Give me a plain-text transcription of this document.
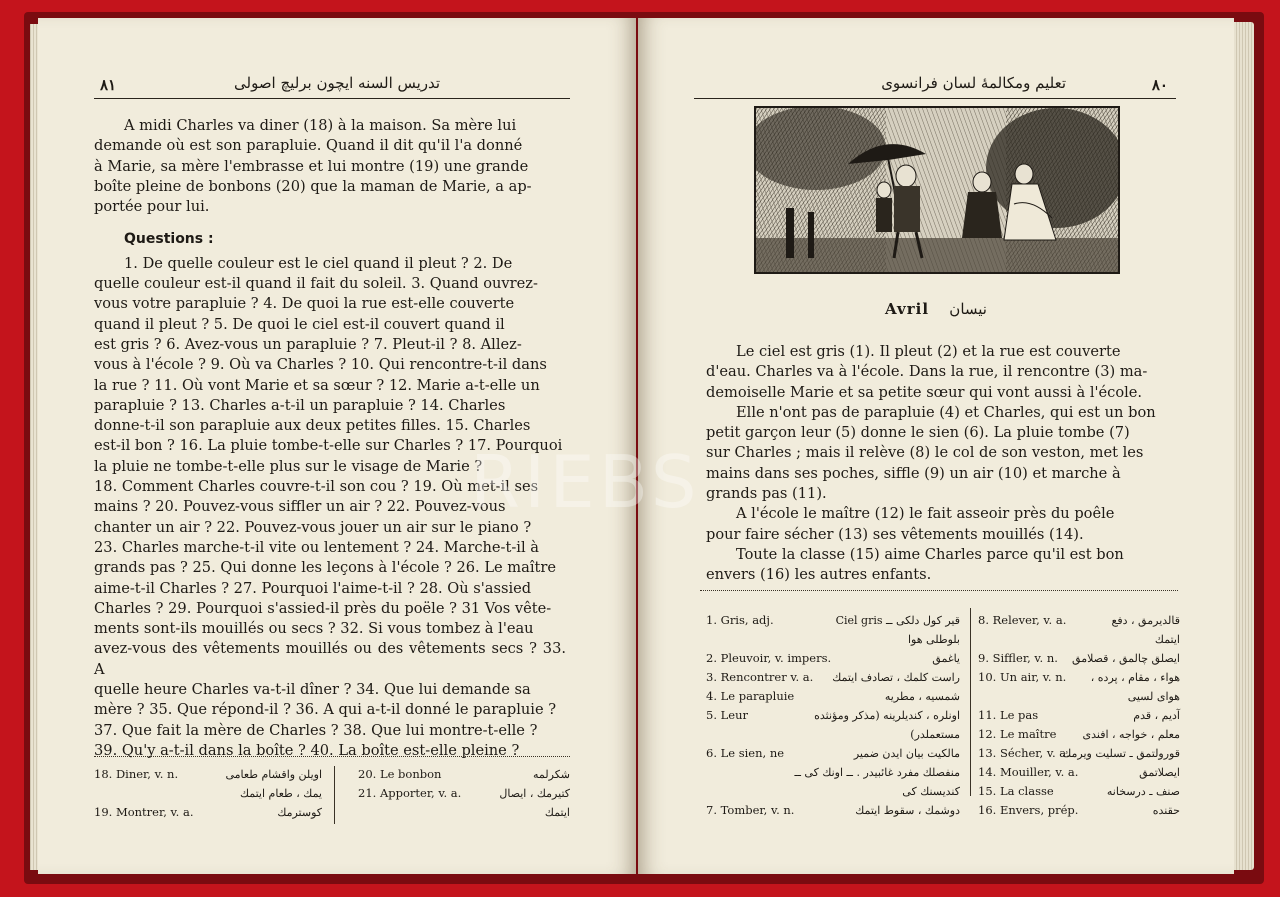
٨١	تدريس السنه ايچون برليچ اصولى

A midi Charles va diner (18) à la maison. Sa mère lui

demande où est son parapluie. Quand il dit qu'il l'a donné

à Marie, sa mère l'embrasse et lui montre (19) une grande

boîte pleine de bonbons (20) que la maman de Marie, a ap-

portée pour lui.

Questions :

1. De quelle couleur est le ciel quand il pleut ? 2. De

quelle couleur est-il quand il fait du soleil. 3. Quand ouvrez-

vous votre parapluie ? 4. De quoi la rue est-elle couverte

quand il pleut ? 5. De quoi le ciel est-il couvert quand il

est gris ? 6. Avez-vous un parapluie ? 7. Pleut-il ? 8. Allez-

vous à l'école ? 9. Où va Charles ? 10. Qui rencontre-t-il dans

la rue ? 11. Où vont Marie et sa sœur ? 12. Marie a-t-elle un

parapluie ? 13. Charles a-t-il un parapluie ? 14. Charles

donne-t-il son parapluie aux deux petites filles. 15. Charles

est-il bon ? 16. La pluie tombe-t-elle sur Charles ? 17. Pourquoi

la pluie ne tombe-t-elle plus sur le visage de Marie ?

18. Comment Charles couvre-t-il son cou ? 19. Où met-il ses

mains ? 20. Pouvez-vous siffler un air ? 22. Pouvez-vous

chanter un air ? 22. Pouvez-vous jouer un air sur le piano ?

23. Charles marche-t-il vite ou lentement ? 24. Marche-t-il à

grands pas ? 25. Qui donne les leçons à l'école ? 26. Le maître

aime-t-il Charles ? 27. Pourquoi l'aime-t-il ? 28. Où s'assied

Charles ? 29. Pourquoi s'assied-il près du poële ? 31 Vos vête-

ments sont-ils mouillés ou secs ? 32. Si vous tombez à l'eau

avez-vous des vêtements mouillés ou des vêtements secs ? 33. A

quelle heure Charles va-t-il dîner ? 34. Que lui demande sa

mère ? 35. Que répond-il ? 36. A qui a-t-il donné le parapluie ?

37. Que fait la mère de Charles ? 38. Que lui montre-t-elle ?

39. Qu'y a-t-il dans la boîte ? 40. La boîte est-elle pleine ?

18. Diner, v. n.	اويلن واقشام طعامى
يمك ، طعام ايتمك
19. Montrer, v. a.	كوسترمك
20. Le bonbon	شكرلمه
21. Apporter, v. a.	كتيرمك ، ايصال
ايتمك
تعليم ومكالمهٔ لسان فرانسوى	٨٠
Avril نيسان

Le ciel est gris (1). Il pleut (2) et la rue est couverte

d'eau. Charles va à l'école. Dans la rue, il rencontre (3) ma-

demoiselle Marie et sa petite sœur qui vont aussi à l'école.

Elle n'ont pas de parapluie (4) et Charles, qui est un bon

petit garçon leur (5) donne le sien (6). La pluie tombe (7)

sur Charles ; mais il relève (8) le col de son veston, met les

mains dans ses poches, siffle (9) un air (10) et marche à

grands pas (11).

A l'école le maître (12) le fait asseoir près du poêle

pour faire sécher (13) ses vêtements mouillés (14).

Toute la classe (15) aime Charles parce qu'il est bon

envers (16) les autres enfants.

1. Gris, adj.	قير كول دلكى ــ Ciel gris
بلوطلى هوا
2. Pleuvoir, v. impers.	ياغمق
3. Rencontrer v. a. راست كلمك ، تصادف ايتمك
4. Le parapluie	شمسيه ، مطريه
5. Leur	اونلره ، كنديلرينه (مذكر ومؤنثده
مستعملدر)
6. Le sien, ne	مالكيت بيان ايدن ضمير
منفصلك مفرد غائبيدر . ــ اونك كى ــ
كنديسنك كى
7. Tomber, v. n.	دوشمك ، سقوط ايتمك
8. Relever, v. a.	قالديرمق ، دفع
ايتمك
9. Siffler, v. n. ايصلق چالمق ، قصلامق
10. Un air, v. n. هواء ، مقام ، پرده ،
هواى لسيى
11. Le pas	آديم ، قدم
12. Le maître معلم ، خواجه ، افندى
13. Sécher, v. a.
قورولتمق ـ تسليت ويرمك
14. Mouiller, v. a.	ايصلاتمق
15. La classe	صنف ـ درسخانه
16. Envers, prép.	حقنده
RIEBS
